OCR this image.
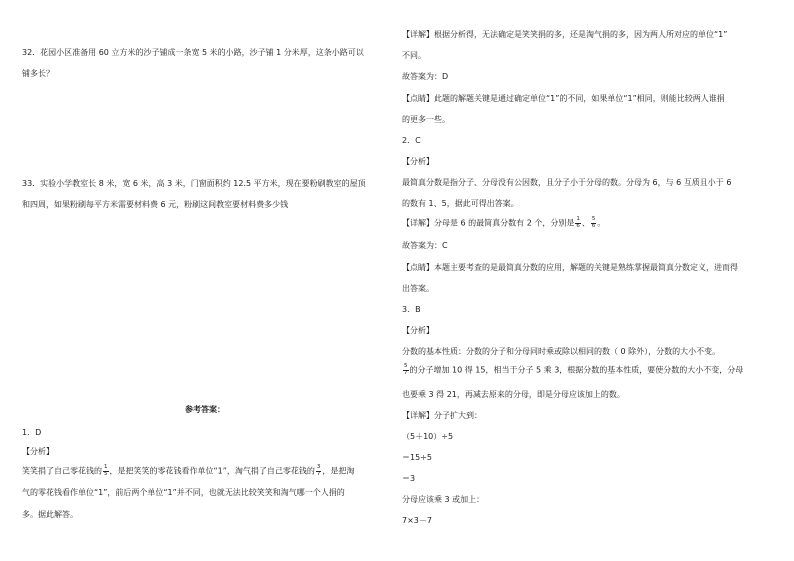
32．花园小区准备用 60 立方米的沙子铺成一条宽 5 米的小路，沙子铺 1 分米厚，这条小路可以
铺多长？
33．实验小学教室长 8 米，宽 6 米，高 3 米，门窗面积约 12.5 平方米，现在要粉刷教室的屋顶
和四周，如果粉刷每平方米需要材料费 6 元，粉刷这间教室要材料费多少钱
参考答案：
1．D
【分析】
笑笑捐了自己零花钱的 $\frac{1}{5}$ ，是把笑笑的零花钱看作单位“1”，淘气捐了自己零花钱的 $\frac{3}{7}$ ，是把淘
气的零花钱看作单位“1”，前后两个单位“1”并不同，也就无法比较笑笑和淘气哪一个人捐的
多。据此解答。
【详解】根据分析得，无法确定是笑笑捐的多，还是淘气捐的多，因为两人所对应的单位“1”
不同。
故答案为：D
【点睛】此题的解题关键是通过确定单位“1”的不同，如果单位“1”相同，则能比较两人谁捐
的更多一些。
2．C
【分析】
最简真分数是指分子、分母没有公因数，且分子小于分母的数。分母为 6，与 6 互质且小于 6
的数有 1、5，据此可得出答案。
【详解】分母是 6 的最简真分数有 2 个，分别是 $\frac{1}{6}$ 、 $\frac{5}{6}$ 。
故答案为：C
【点睛】本题主要考查的是最简真分数的应用，解题的关键是熟练掌握最简真分数定义，进而得
出答案。
3．B
【分析】
分数的基本性质：分数的分子和分母同时乘或除以相同的数（ 0 除外），分数的大小不变。
$\frac{5}{7}$ 的分子增加 10 得 15，相当于分子 5 乘 3，根据分数的基本性质，要使分数的大小不变，分母
也要乘 3 得 21，再减去原来的分母，即是分母应该加上的数。
【详解】分子扩大到：
（5＋10）÷5
＝15÷5
＝3
分母应该乘 3 或加上：
7×3－7
